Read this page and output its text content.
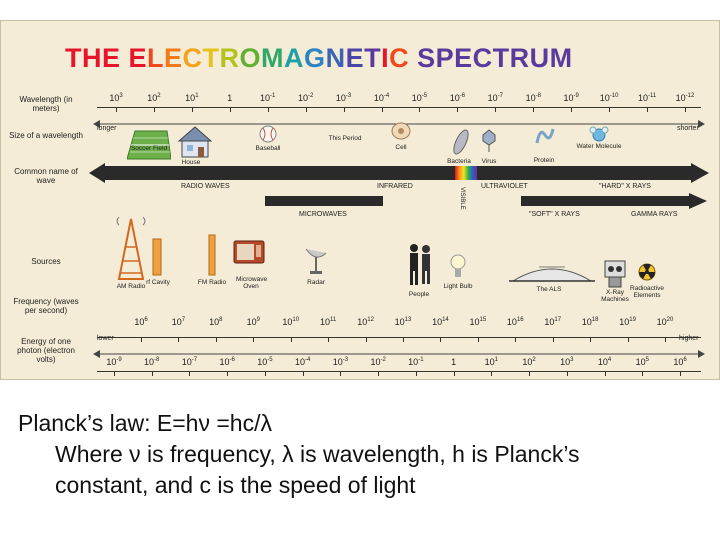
THE ELECTROMAGNETIC SPECTRUM
Wavelength (in meters)
Size of a wavelength
Common name of wave
Sources
Frequency (waves per second)
Energy of one photon (electron volts)
$10^3$	$10^2$	$10^1$	1	$10^{-1}$	$10^{-2}$	$10^{-3}$	$10^{-4}$	$10^{-5}$	$10^{-6}$	$10^{-7}$	$10^{-8}$	$10^{-9}$ $10^{-10}$ $10^{-11}$ $10^{-12}$
$10^6$	$10^7$	$10^8$	$10^9$ $10^{10}$ $10^{11}$ $10^{12}$ $10^{13}$ $10^{14}$ $10^{15}$ $10^{16}$ $10^{17}$ $10^{18}$ $10^{19}$ $10^{20}$
$10^{-9}$ $10^{-8}$ $10^{-7}$ $10^{-6}$ $10^{-5}$ $10^{-4}$ $10^{-3}$ $10^{-2}$ $10^{-1}$	1	$10^1$	$10^2$	$10^3$	$10^4$	$10^5$	$10^6$
longer	shorter
Soccer Field
House
Baseball
This Period
Cell
Bacteria Virus	Protein
Water Molecule
RADIO WAVES	INFRARED
VISIBLE
ULTRAVIOLET	"HARD" X RAYS
MICROWAVES	"SOFT" X RAYS	GAMMA RAYS
AM Radio
rf Cavity	FM Radio Microwave Oven
Radar
People
Light Bulb	The ALS	X-Ray Machines
Radioactive Elements
lower	higher
Planck’s law: E=hν =hc/λ
Where ν is frequency, λ is wavelength, h is Planck’s
constant, and c is the speed of light
